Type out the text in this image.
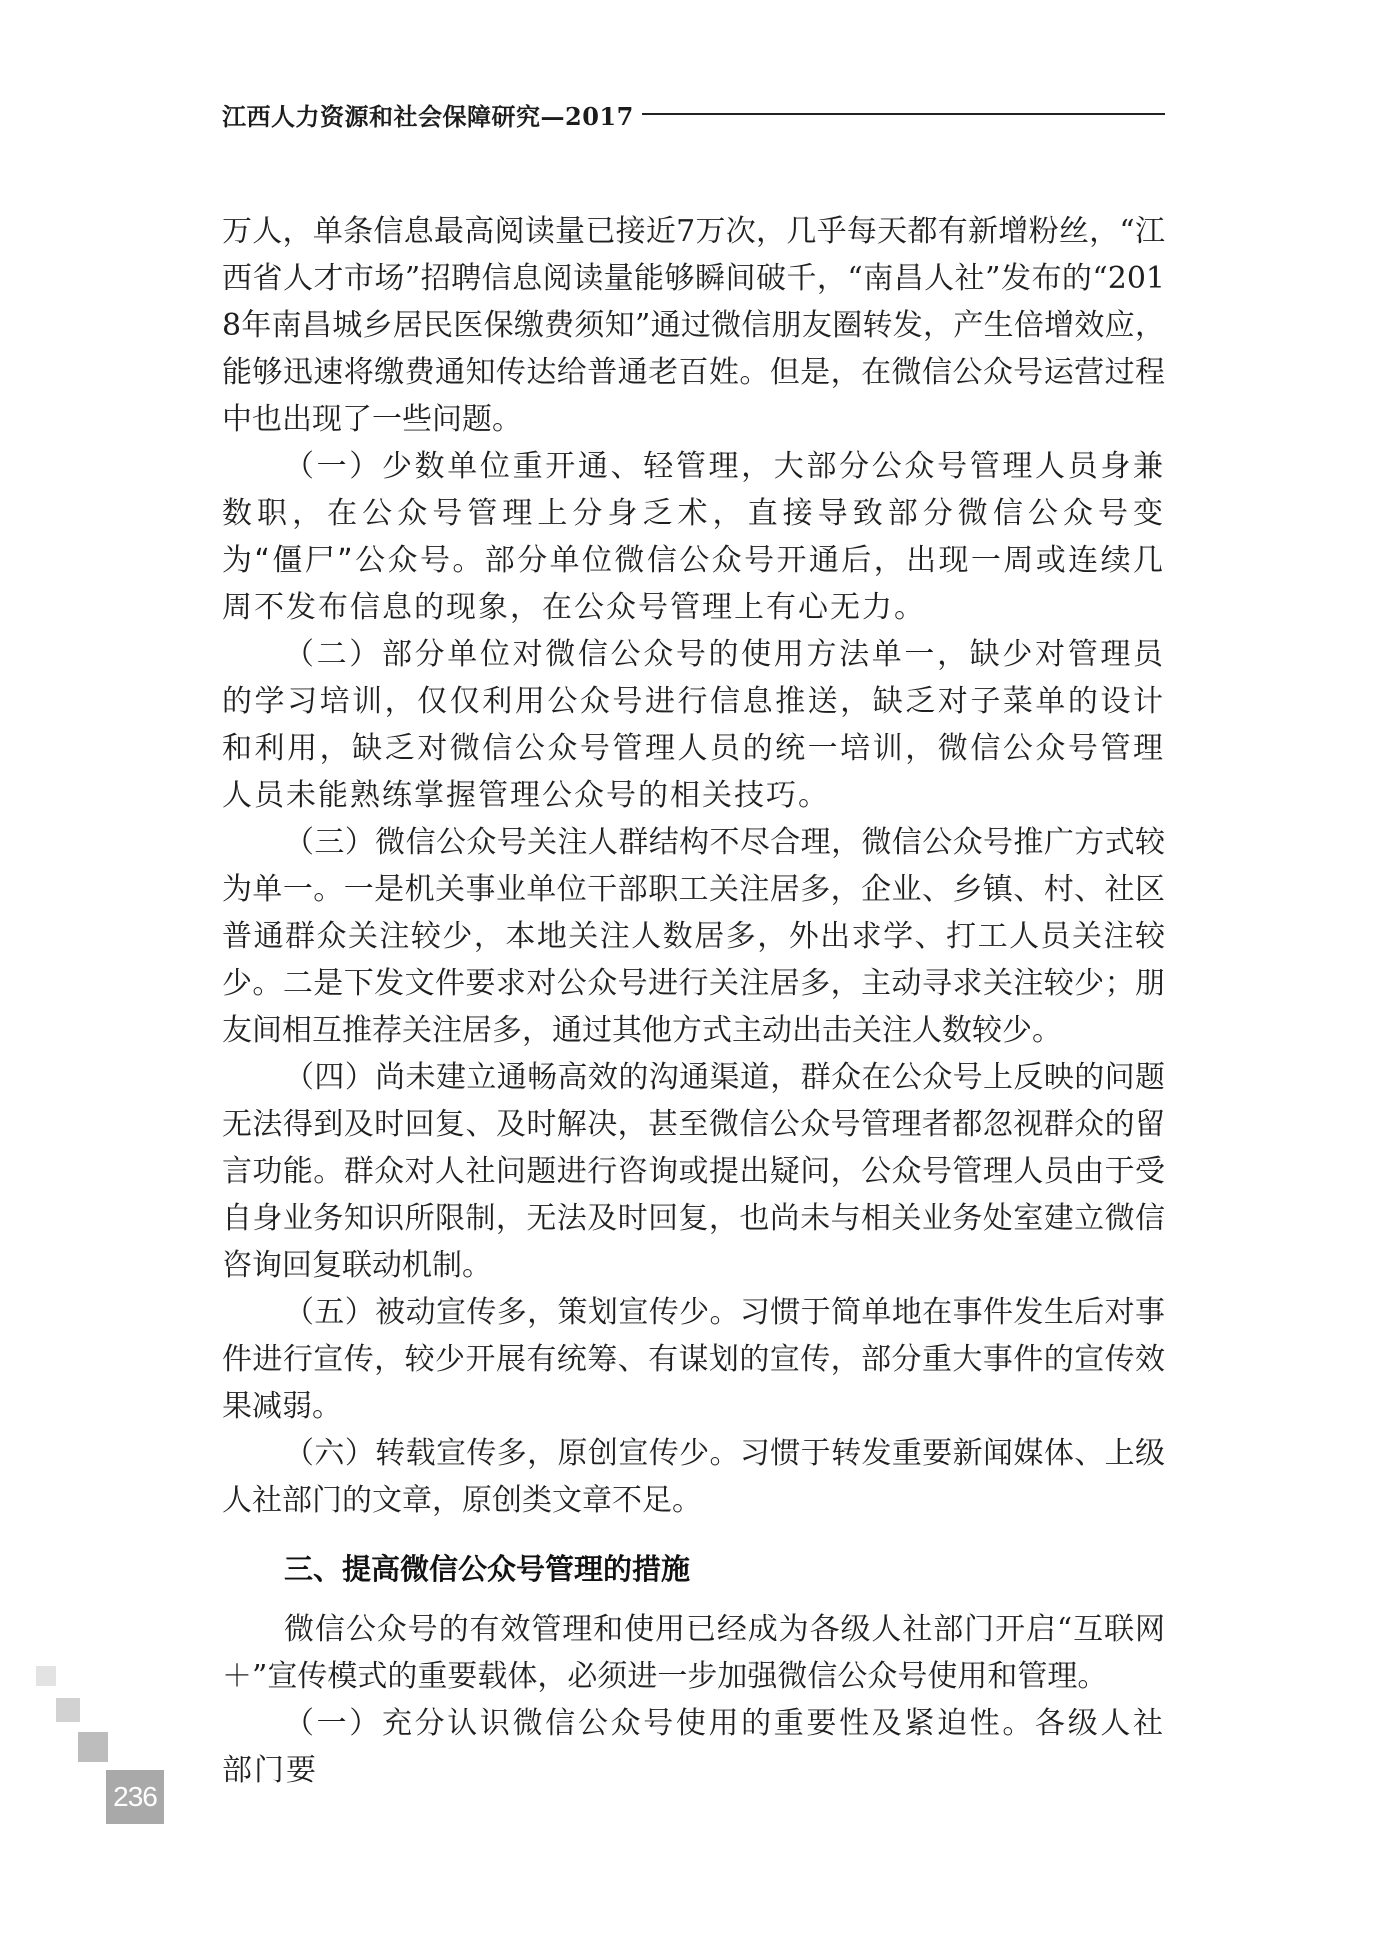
江西人力资源和社会保障研究—2017

万人，单条信息最高阅读量已接近7万次，几乎每天都有新增粉丝，“江西省人才市场”招聘信息阅读量能够瞬间破千，“南昌人社”发布的“2018年南昌城乡居民医保缴费须知”通过微信朋友圈转发，产生倍增效应，能够迅速将缴费通知传达给普通老百姓。但是，在微信公众号运营过程中也出现了一些问题。

（一）少数单位重开通、轻管理，大部分公众号管理人员身兼数职，在公众号管理上分身乏术，直接导致部分微信公众号变为“僵尸”公众号。部分单位微信公众号开通后，出现一周或连续几周不发布信息的现象，在公众号管理上有心无力。

（二）部分单位对微信公众号的使用方法单一，缺少对管理员的学习培训，仅仅利用公众号进行信息推送，缺乏对子菜单的设计和利用，缺乏对微信公众号管理人员的统一培训，微信公众号管理人员未能熟练掌握管理公众号的相关技巧。

（三）微信公众号关注人群结构不尽合理，微信公众号推广方式较为单一。一是机关事业单位干部职工关注居多，企业、乡镇、村、社区普通群众关注较少，本地关注人数居多，外出求学、打工人员关注较少。二是下发文件要求对公众号进行关注居多，主动寻求关注较少；朋友间相互推荐关注居多，通过其他方式主动出击关注人数较少。

（四）尚未建立通畅高效的沟通渠道，群众在公众号上反映的问题无法得到及时回复、及时解决，甚至微信公众号管理者都忽视群众的留言功能。群众对人社问题进行咨询或提出疑问，公众号管理人员由于受自身业务知识所限制，无法及时回复，也尚未与相关业务处室建立微信咨询回复联动机制。

（五）被动宣传多，策划宣传少。习惯于简单地在事件发生后对事件进行宣传，较少开展有统筹、有谋划的宣传，部分重大事件的宣传效果减弱。

（六）转载宣传多，原创宣传少。习惯于转发重要新闻媒体、上级人社部门的文章，原创类文章不足。

三、提高微信公众号管理的措施

微信公众号的有效管理和使用已经成为各级人社部门开启“互联网＋”宣传模式的重要载体，必须进一步加强微信公众号使用和管理。

（一）充分认识微信公众号使用的重要性及紧迫性。各级人社部门要

236
